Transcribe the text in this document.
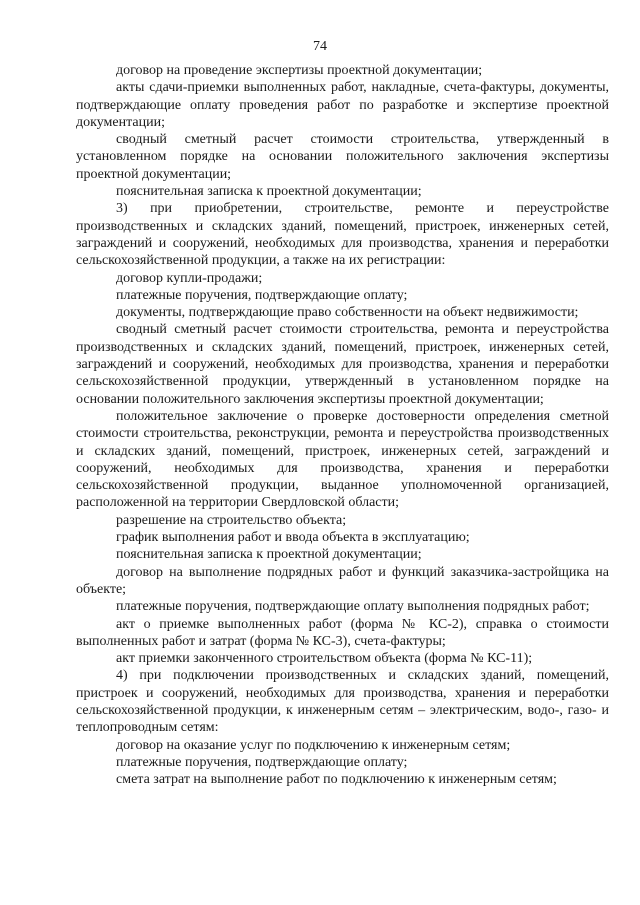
74

договор на проведение экспертизы проектной документации;

акты сдачи-приемки выполненных работ, накладные, счета-фактуры, документы, подтверждающие оплату проведения работ по разработке и экспертизе проектной документации;

сводный сметный расчет стоимости строительства, утвержденный в установленном порядке на основании положительного заключения экспертизы проектной документации;

пояснительная записка к проектной документации;

3) при приобретении, строительстве, ремонте и переустройстве производственных и складских зданий, помещений, пристроек, инженерных сетей, заграждений и сооружений, необходимых для производства, хранения и переработки сельскохозяйственной продукции, а также на их регистрации:

договор купли-продажи;

платежные поручения, подтверждающие оплату;

документы, подтверждающие право собственности на объект недвижимости;

сводный сметный расчет стоимости строительства, ремонта и переустройства производственных и складских зданий, помещений, пристроек, инженерных сетей, заграждений и сооружений, необходимых для производства, хранения и переработки сельскохозяйственной продукции, утвержденный в установленном порядке на основании положительного заключения экспертизы проектной документации;

положительное заключение о проверке достоверности определения сметной стоимости строительства, реконструкции, ремонта и переустройства производственных и складских зданий, помещений, пристроек, инженерных сетей, заграждений и сооружений, необходимых для производства, хранения и переработки сельскохозяйственной продукции, выданное уполномоченной организацией, расположенной на территории Свердловской области;

разрешение на строительство объекта;

график выполнения работ и ввода объекта в эксплуатацию;

пояснительная записка к проектной документации;

договор на выполнение подрядных работ и функций заказчика-застройщика на объекте;

платежные поручения, подтверждающие оплату выполнения подрядных работ;

акт о приемке выполненных работ (форма № КС-2), справка о стоимости выполненных работ и затрат (форма № КС-3), счета-фактуры;

акт приемки законченного строительством объекта (форма № КС-11);

4) при подключении производственных и складских зданий, помещений, пристроек и сооружений, необходимых для производства, хранения и переработки сельскохозяйственной продукции, к инженерным сетям – электрическим, водо-, газо- и теплопроводным сетям:

договор на оказание услуг по подключению к инженерным сетям;

платежные поручения, подтверждающие оплату;

смета затрат на выполнение работ по подключению к инженерным сетям;
